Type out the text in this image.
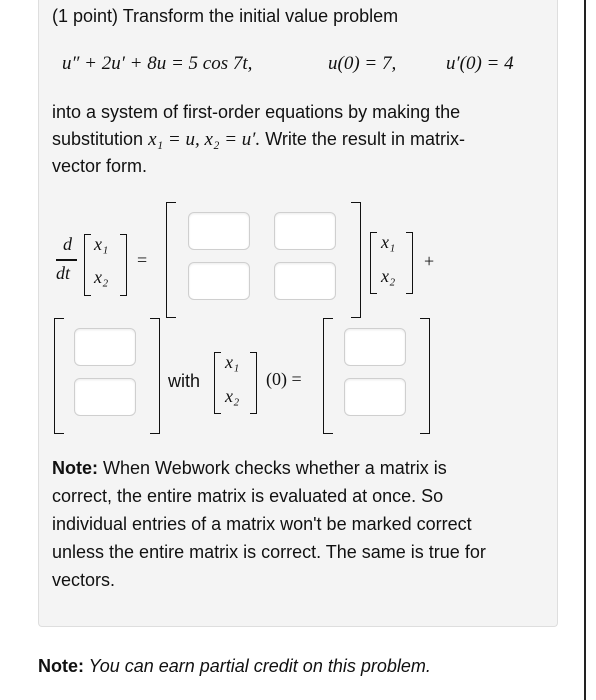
(1 point) Transform the initial value problem
u″ + 2u′ + 8u = 5 cos 7t,	u(0) = 7,	u′(0) = 4
into a system of first-order equations by making the
substitution x₁ = u, x₂ = u′. Write the result in matrix-
vector form.
d
dt
x₁
x₂
=
x₁
x₂
+
with
x₁
x₂
(0) =
Note: When Webwork checks whether a matrix is
correct, the entire matrix is evaluated at once. So
individual entries of a matrix won't be marked correct
unless the entire matrix is correct. The same is true for
vectors.
Note: You can earn partial credit on this problem.
